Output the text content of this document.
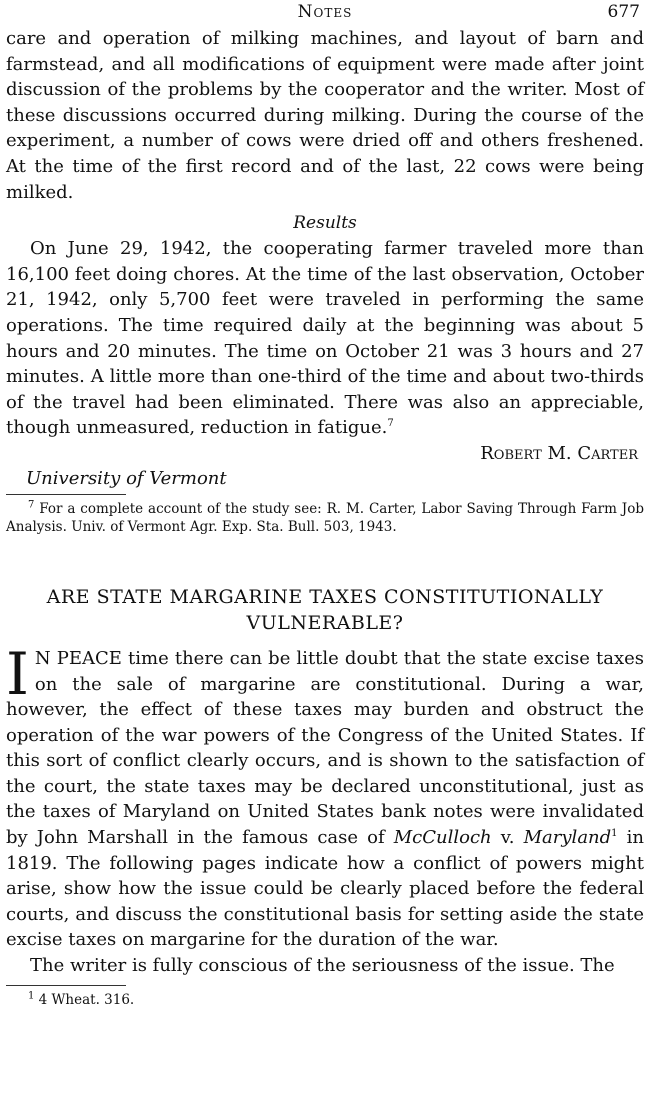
Notes	677

care and operation of milking machines, and layout of barn and farmstead, and all modifications of equipment were made after joint discussion of the problems by the cooperator and the writer. Most of these discussions occurred during milking. During the course of the experiment, a number of cows were dried off and others freshened. At the time of the first record and of the last, 22 cows were being milked.

Results

On June 29, 1942, the cooperating farmer traveled more than 16,100 feet doing chores. At the time of the last observation, October 21, 1942, only 5,700 feet were traveled in performing the same operations. The time required daily at the beginning was about 5 hours and 20 minutes. The time on October 21 was 3 hours and 27 minutes. A little more than one-third of the time and about two-thirds of the travel had been eliminated. There was also an appreciable, though unmeasured, reduction in fatigue.$^7$

Robert M. Carter
University of Vermont
$^7$ For a complete account of the study see: R. M. Carter, Labor Saving Through Farm Job Analysis. Univ. of Vermont Agr. Exp. Sta. Bull. 503, 1943.
ARE STATE MARGARINE TAXES CONSTITUTIONALLY VULNERABLE?

I N PEACE time there can be little doubt that the state excise taxes on the sale of margarine are constitutional. During a war, however, the effect of these taxes may burden and obstruct the operation of the war powers of the Congress of the United States. If this sort of conflict clearly occurs, and is shown to the satisfaction of the court, the state taxes may be declared unconstitutional, just as the taxes of Maryland on United States bank notes were invalidated by John Marshall in the famous case of McCulloch v. Maryland$^1$ in 1819. The following pages indicate how a conflict of powers might arise, show how the issue could be clearly placed before the federal courts, and discuss the constitutional basis for setting aside the state excise taxes on margarine for the duration of the war.

The writer is fully conscious of the seriousness of the issue. The

$^1$ 4 Wheat. 316.
